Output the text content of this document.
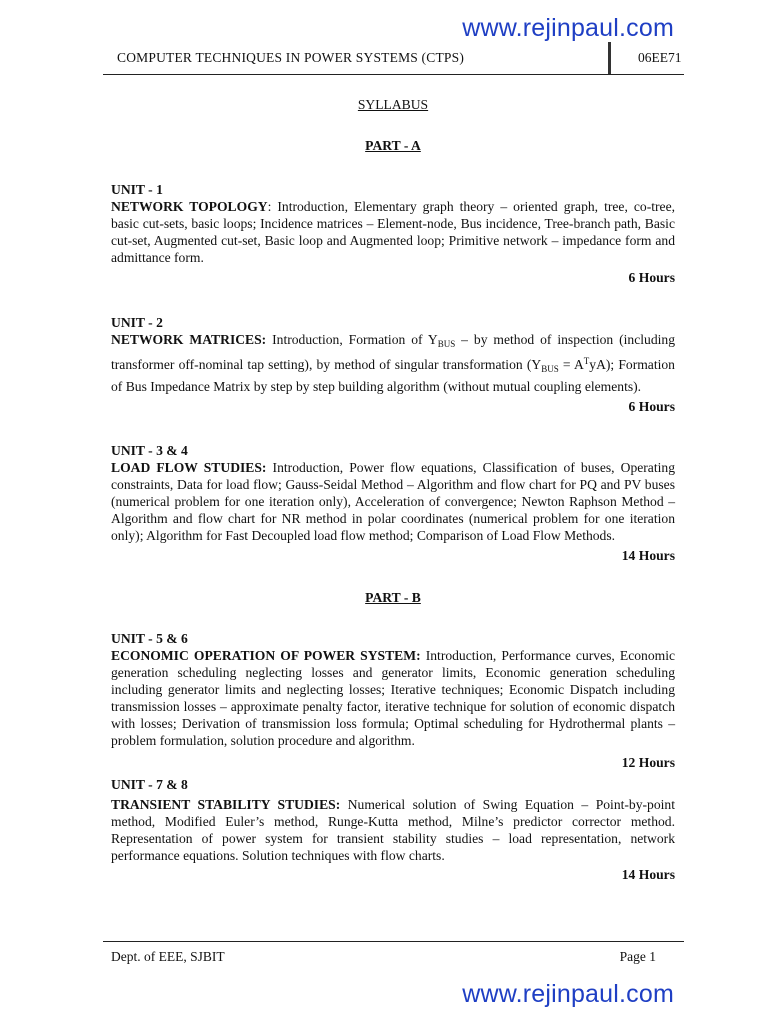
www.rejinpaul.com
COMPUTER TECHNIQUES IN POWER SYSTEMS (CTPS)	06EE71
SYLLABUS
PART - A
UNIT - 1

NETWORK TOPOLOGY: Introduction, Elementary graph theory – oriented graph, tree, co-tree, basic cut-sets, basic loops; Incidence matrices – Element-node, Bus incidence, Tree-branch path, Basic cut-set, Augmented cut-set, Basic loop and Augmented loop; Primitive network – impedance form and admittance form.

6 Hours
UNIT - 2

NETWORK MATRICES: Introduction, Formation of $Y_{BUS}$ – by method of inspection (including transformer off-nominal tap setting), by method of singular transformation $(Y_{BUS} = A^TyA)$; Formation of Bus Impedance Matrix by step by step building algorithm (without mutual coupling elements).

6 Hours
UNIT - 3 & 4

LOAD FLOW STUDIES: Introduction, Power flow equations, Classification of buses, Operating constraints, Data for load flow; Gauss-Seidal Method – Algorithm and flow chart for PQ and PV buses (numerical problem for one iteration only), Acceleration of convergence; Newton Raphson Method – Algorithm and flow chart for NR method in polar coordinates (numerical problem for one iteration only); Algorithm for Fast Decoupled load flow method; Comparison of Load Flow Methods.

14 Hours
PART - B
UNIT - 5 & 6

ECONOMIC OPERATION OF POWER SYSTEM: Introduction, Performance curves, Economic generation scheduling neglecting losses and generator limits, Economic generation scheduling including generator limits and neglecting losses; Iterative techniques; Economic Dispatch including transmission losses – approximate penalty factor, iterative technique for solution of economic dispatch with losses; Derivation of transmission loss formula; Optimal scheduling for Hydrothermal plants – problem formulation, solution procedure and algorithm.

12 Hours
UNIT - 7 & 8

TRANSIENT STABILITY STUDIES: Numerical solution of Swing Equation – Point-by-point method, Modified Euler’s method, Runge-Kutta method, Milne’s predictor corrector method. Representation of power system for transient stability studies – load representation, network performance equations. Solution techniques with flow charts.

14 Hours
Dept. of EEE, SJBIT	Page 1
www.rejinpaul.com
